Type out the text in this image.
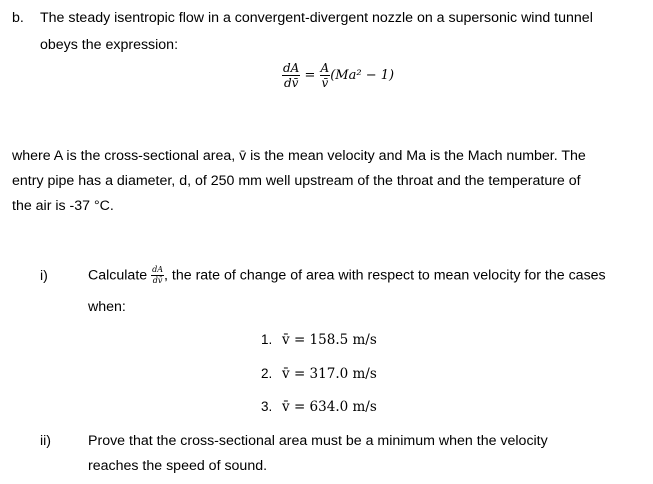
b. The steady isentropic flow in a convergent-divergent nozzle on a supersonic wind tunnel
obeys the expression:
$\frac{dA}{dv̄} = \frac{A}{v̄} (Ma^2 - 1)$
where A is the cross-sectional area, v̄ is the mean velocity and Ma is the Mach number. The
entry pipe has a diameter, d, of 250 mm well upstream of the throat and the temperature of
the air is -37 °C.
i)	Calculate $\frac{dA}{dv̄}$ , the rate of change of area with respect to mean velocity for the cases
when:
1. v̄ = 158.5 m/s
2. v̄ = 317.0 m/s
3. v̄ = 634.0 m/s
ii)	Prove that the cross-sectional area must be a minimum when the velocity
reaches the speed of sound.
